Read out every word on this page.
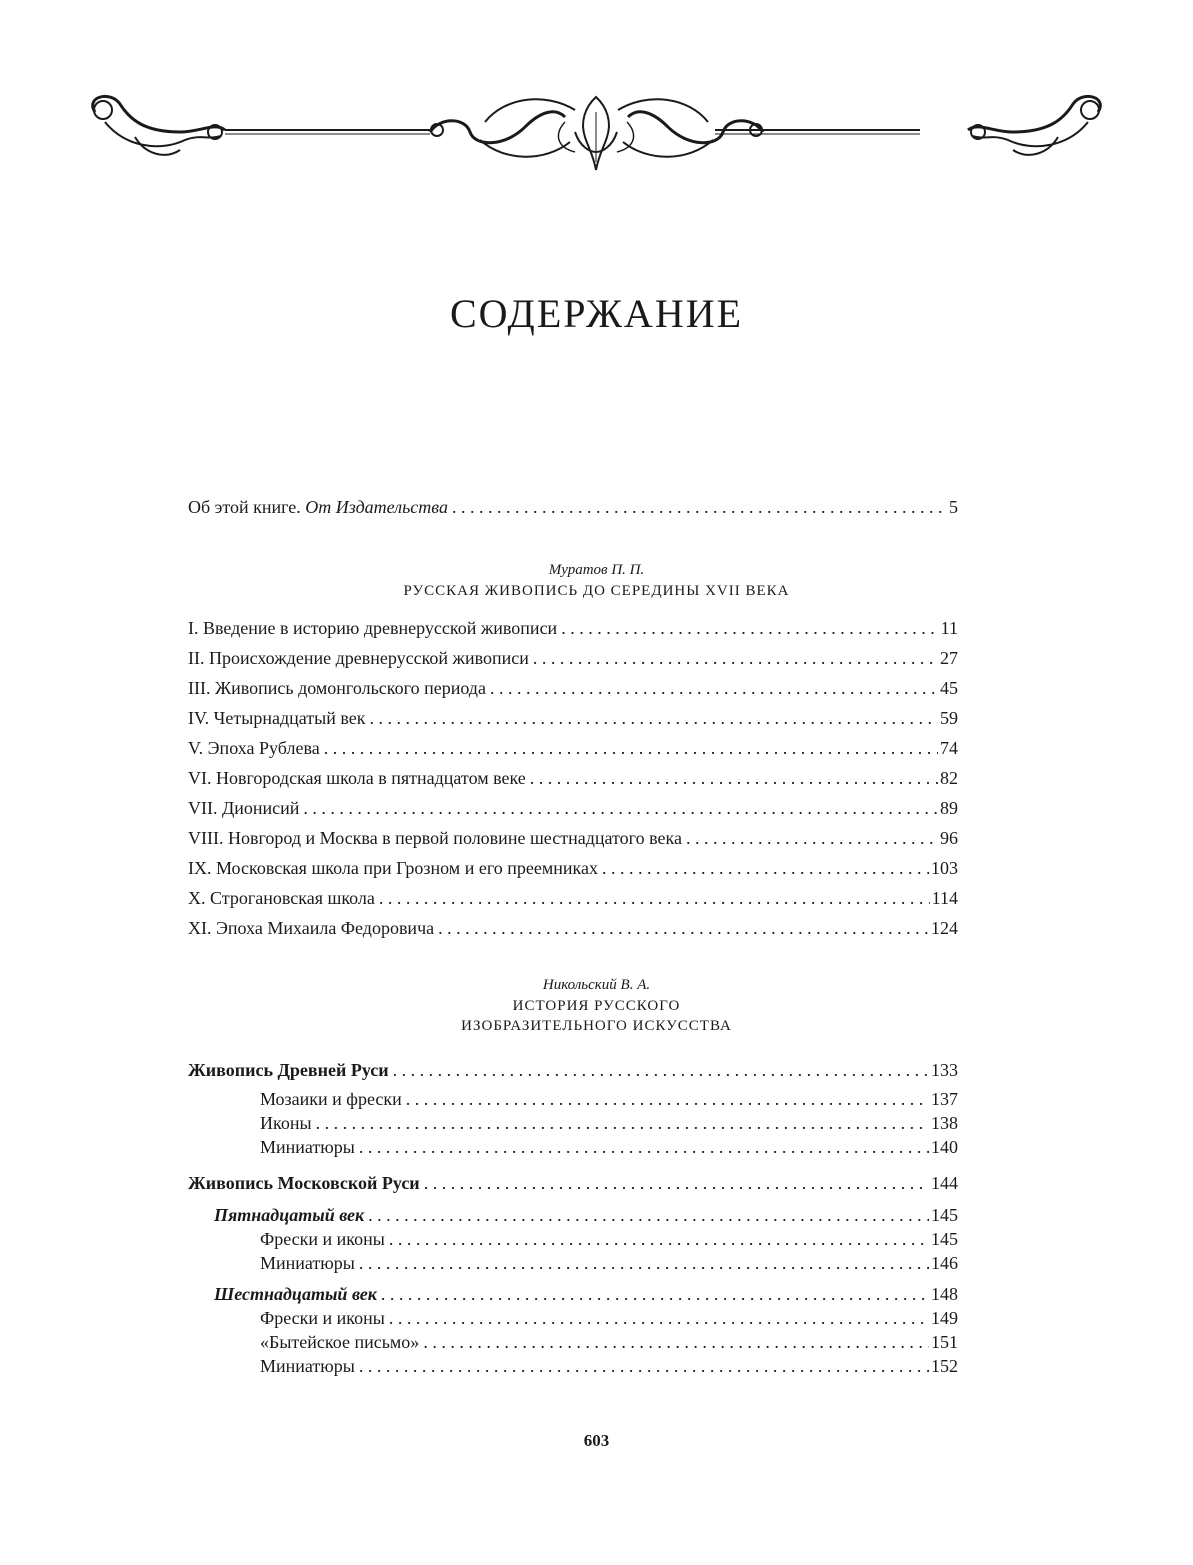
СОДЕРЖАНИЕ
Об этой книге. От Издательства . . .	5
Муратов П. П.
РУССКАЯ ЖИВОПИСЬ ДО СЕРЕДИНЫ XVII ВЕКА
I. Введение в историю древнерусской живописи . . .	11
II. Происхождение древнерусской живописи . . .	27
III. Живопись домонгольского периода . . .	45
IV. Четырнадцатый век . . .	59
V. Эпоха Рублева . . .	74
VI. Новгородская школа в пятнадцатом веке . . .	82
VII. Дионисий . . .	89
VIII. Новгород и Москва в первой половине шестнадцатого века . . .	96
IX. Московская школа при Грозном и его преемниках . . .	103
X. Строгановская школа . . .	114
XI. Эпоха Михаила Федоровича . . .	124
Никольский В. А.
ИСТОРИЯ РУССКОГО
ИЗОБРАЗИТЕЛЬНОГО ИСКУССТВА
Живопись Древней Руси . . .	133
Мозаики и фрески . . .	137
Иконы . . .	138
Миниатюры . . .	140
Живопись Московской Руси . . .	144
Пятнадцатый век . . .	145
Фрески и иконы . . .	145
Миниатюры . . .	146
Шестнадцатый век . . .	148
Фрески и иконы . . .	149
«Бытейское письмо» . . .	151
Миниатюры . . .	152
603
